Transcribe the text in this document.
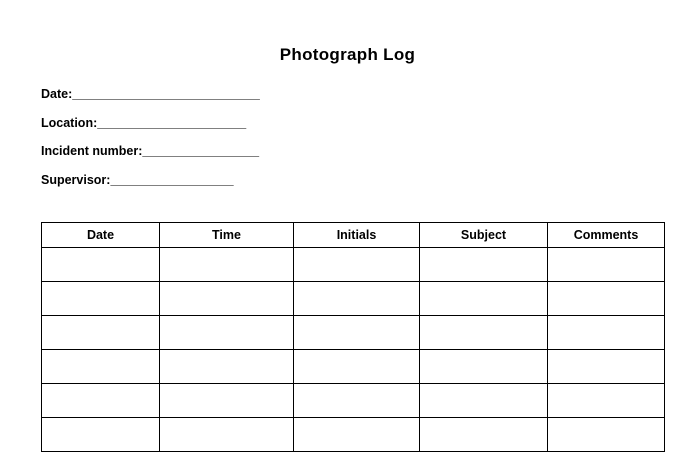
Photograph Log
Date:_____________________________
Location:_______________________
Incident number:__________________
Supervisor:___________________
Date	Time	Initials	Subject	Comments
